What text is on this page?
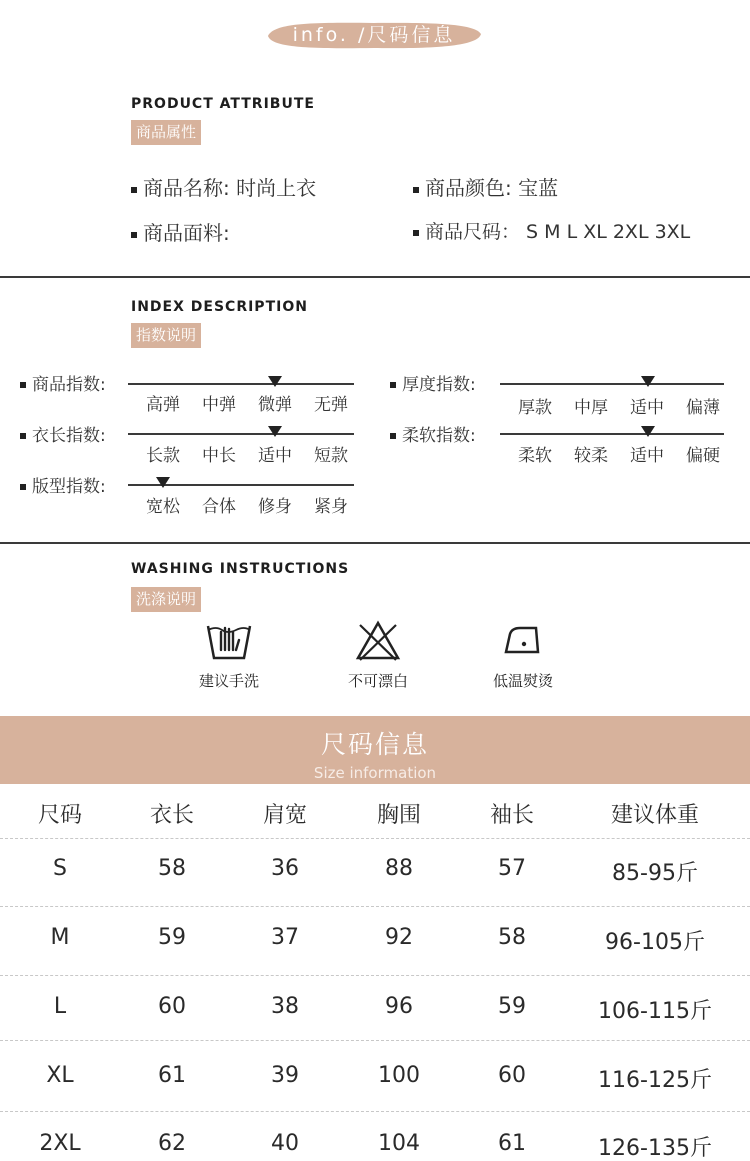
info. /尺码信息
PRODUCT ATTRIBUTE
商品属性
商品名称: 时尚上衣	商品颜色: 宝蓝
商品面料:	商品尺码： S M L XL 2XL 3XL
INDEX DESCRIPTION
指数说明
商品指数:
高弹	中弹	微弹	无弹
厚度指数:
厚款	中厚	适中	偏薄
衣长指数:
长款	中长	适中	短款
柔软指数:
柔软	较柔	适中	偏硬
版型指数:
宽松	合体	修身	紧身
WASHING INSTRUCTIONS
洗涤说明
建议手洗	不可漂白	低温熨烫
尺码信息
Size information
尺码	衣长	肩宽	胸围	袖长	建议体重
S	58	36	88	57	85-95斤
M	59	37	92	58	96-105斤
L	60	38	96	59	106-115斤
XL	61	39	100	60	116-125斤
2XL	62	40	104	61	126-135斤
